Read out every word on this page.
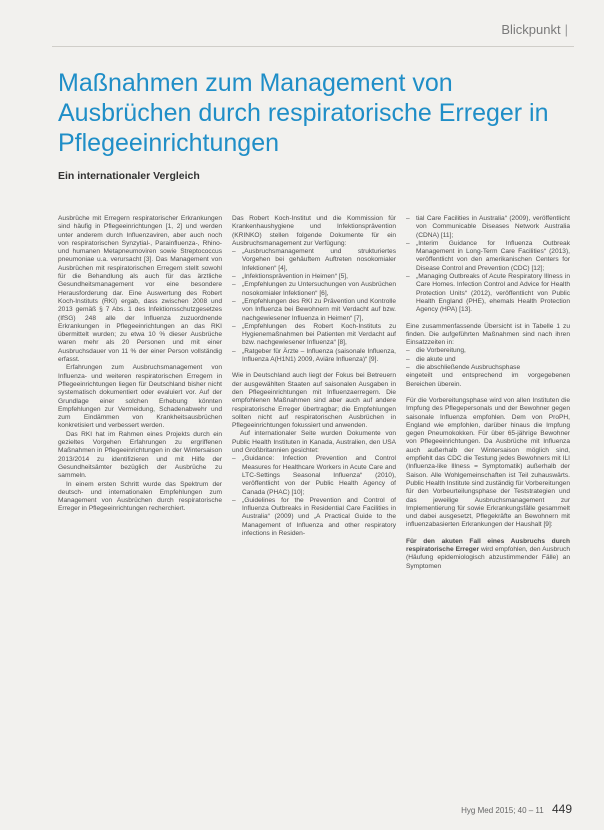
Blickpunkt |
Maßnahmen zum Management von Ausbrüchen durch respiratorische Erreger in Pflegeeinrichtungen
Ein internationaler Vergleich

Ausbrüche mit Erregern respiratorischer Erkrankungen sind häufig in Pflegeeinrichtungen [1, 2] und werden unter anderem durch Influenzaviren, aber auch noch von respiratorischen Synzytial-, Parainfluenza-, Rhino- und humanen Metapneumoviren sowie Streptococcus pneumoniae u.a. verursacht [3]. Das Management von Ausbrüchen mit respiratorischen Erregern stellt sowohl für die Behandlung als auch für das ärztliche Gesundheitsmanagement vor eine besondere Herausforderung dar. Eine Auswertung des Robert Koch-Instituts (RKI) ergab, dass zwischen 2008 und 2013 gemäß § 7 Abs. 1 des Infektionsschutzgesetzes (IfSG) 248 alle der Influenza zuzuordnende Erkrankungen in Pflegeeinrichtungen an das RKI übermittelt wurden; zu etwa 10 % dieser Ausbrüche waren mehr als 20 Personen und mit einer Ausbruchsdauer von 11 % der einer Person vollständig erfasst.

Erfahrungen zum Ausbruchsmanagement von Influenza- und weiteren respiratorischen Erregern in Pflegeeinrichtungen liegen für Deutschland bisher nicht systematisch dokumentiert oder evaluiert vor. Auf der Grundlage einer solchen Erhebung könnten Empfehlungen zur Vermeidung, Schadenabwehr und zum Eindämmen von Krankheitsausbrüchen konkretisiert und verbessert werden.

Das RKI hat im Rahmen eines Projekts durch ein gezieltes Vorgehen Erfahrungen zu ergriffenen Maßnahmen in Pflegeeinrichtungen in der Wintersaison 2013/2014 zu identifizieren und mit Hilfe der Gesundheitsämter bezüglich der Ausbrüche zu sammeln.

In einem ersten Schritt wurde das Spektrum der deutsch- und internationalen Empfehlungen zum Management von Ausbrüchen durch respiratorische Erreger in Pflegeeinrichtungen recherchiert.

Das Robert Koch-Institut und die Kommission für Krankenhaushygiene und Infektionsprävention (KRINKO) stellen folgende Dokumente für ein Ausbruchsmanagement zur Verfügung:

– „Ausbruchsmanagement und strukturiertes Vorgehen bei gehäuftem Auftreten nosokomialer Infektionen“ [4],
– „Infektionsprävention in Heimen“ [5],
– „Empfehlungen zu Untersuchungen von Ausbrüchen nosokomialer Infektionen“ [6],
– „Empfehlungen des RKI zu Prävention und Kontrolle von Influenza bei Bewohnern mit Verdacht auf bzw. nachgewiesener Influenza in Heimen“ [7],
– „Empfehlungen des Robert Koch-Instituts zu Hygienemaßnahmen bei Patienten mit Verdacht auf bzw. nachgewiesener Influenza“ [8],
– „Ratgeber für Ärzte – Influenza (saisonale Influenza, Influenza A(H1N1) 2009, Aviäre Influenza)“ [9].

Wie in Deutschland auch liegt der Fokus bei Betreuern der ausgewählten Staaten auf saisonalen Ausgaben in den Pflegeeinrichtungen mit Influenzaerregern. Die empfohlenen Maßnahmen sind aber auch auf andere respiratorische Erreger übertragbar; die Empfehlungen sollten nicht auf respiratorischen Ausbrüchen in Pflegeeinrichtungen fokussiert und anwenden.

Auf internationaler Seite wurden Dokumente von Public Health Instituten in Kanada, Australien, den USA und Großbritannien gesichtet:

– „Guidance: Infection Prevention and Control Measures for Healthcare Workers in Acute Care and LTC-Settings Seasonal Influenza“ (2010), veröffentlicht von der Public Health Agency of Canada (PHAC) [10];
– „Guidelines for the Prevention and Control of Influenza Outbreaks in Residential Care Facilities in Australia“ (2009) und „A Practical Guide to the Management of Influenza and other respiratory infections in Residen-
– tial Care Facilities in Australia“ (2009), veröffentlicht von Communicable Diseases Network Australia (CDNA) [11];
– „Interim Guidance for Influenza Outbreak Management in Long-Term Care Facilities“ (2013), veröffentlicht von den amerikanischen Centers for Disease Control and Prevention (CDC) [12];
– „Managing Outbreaks of Acute Respiratory Illness in Care Homes. Infection Control and Advice for Health Protection Units“ (2012), veröffentlicht von Public Health England (PHE), ehemals Health Protection Agency (HPA) [13].

Eine zusammenfassende Übersicht ist in Tabelle 1 zu finden. Die aufgeführten Maßnahmen sind nach ihren Einsatzzeiten in:

– die Vorbereitung,
– die akute und
– die abschließende Ausbruchsphase

eingeteilt und entsprechend im vorgegebenen Bereichen überein.

Für die Vorbereitungsphase wird von allen Instituten die Impfung des Pflegepersonals und der Bewohner gegen saisonale Influenza empfohlen. Dem von ProPH, England wie empfohlen, darüber hinaus die Impfung gegen Pneumokokken. Für über 65-jährige Bewohner von Pflegeeinrichtungen. Da Ausbrüche mit Influenza auch außerhalb der Wintersaison möglich sind, empfiehlt das CDC die Testung jedes Bewohners mit ILI (Influenza-like Illness = Symptomatik) außerhalb der Saison. Alle Wohlgemeinschaften ist Teil zuhauswärts. Public Health Institute sind zuständig für Vorbereitungen für den Vorbeurteilungsphase der Teststrategien und das jeweilige Ausbruchsmanagement zur Implementierung für sowie Erkrankungsfälle gesammelt und dabei ausgesetzt, Pflegekräfte an Bewohnern mit influenzabasierten Erkrankungen der Haushalt [9]:

Für den akuten Fall eines Ausbruchs durch respiratorische Erreger wird empfohlen, den Ausbruch (Häufung epidemiologisch abzustimmender Fälle) an Symptomen

Hyg Med 2015; 40 – 11 449
